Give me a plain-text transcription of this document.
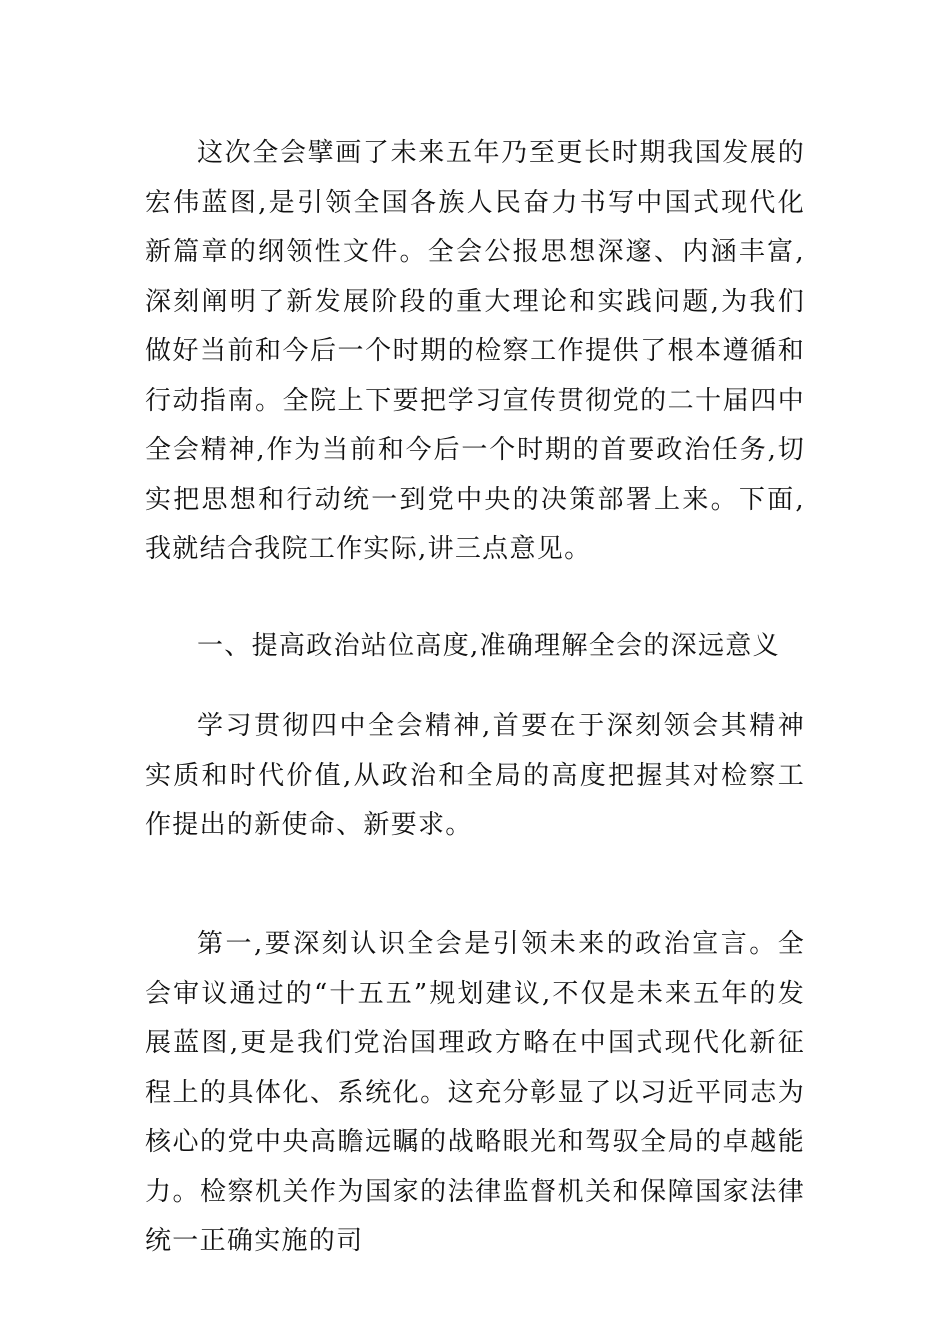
这次全会擘画了未来五年乃至更长时期我国发展的宏伟蓝图,是引领全国各族人民奋力书写中国式现代化新篇章的纲领性文件。全会公报思想深邃、内涵丰富,深刻阐明了新发展阶段的重大理论和实践问题,为我们做好当前和今后一个时期的检察工作提供了根本遵循和行动指南。全院上下要把学习宣传贯彻党的二十届四中全会精神,作为当前和今后一个时期的首要政治任务,切实把思想和行动统一到党中央的决策部署上来。下面,我就结合我院工作实际,讲三点意见。

一、提高政治站位高度,准确理解全会的深远意义

学习贯彻四中全会精神,首要在于深刻领会其精神实质和时代价值,从政治和全局的高度把握其对检察工作提出的新使命、新要求。

第一,要深刻认识全会是引领未来的政治宣言。全会审议通过的“十五五”规划建议,不仅是未来五年的发展蓝图,更是我们党治国理政方略在中国式现代化新征程上的具体化、系统化。这充分彰显了以习近平同志为核心的党中央高瞻远瞩的战略眼光和驾驭全局的卓越能力。检察机关作为国家的法律监督机关和保障国家法律统一正确实施的司
